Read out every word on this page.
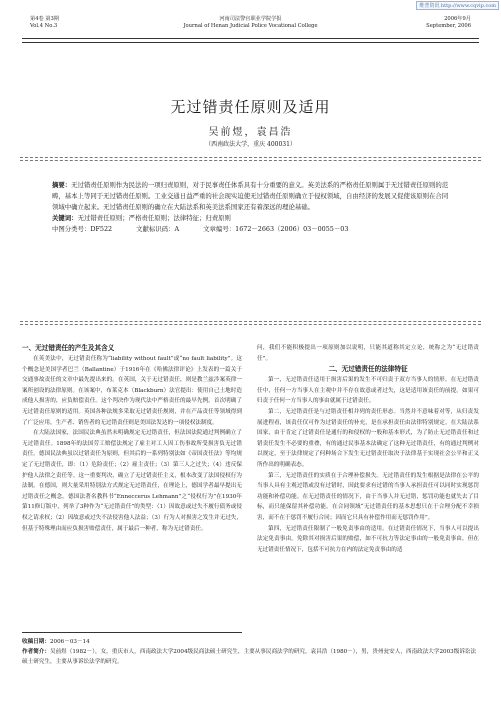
维普资讯 http://www.cqvip.com
第4卷 第3期
Vol.4 No.3
河南司法警官职业学院学报
Journal of Henan Judicial Police Vocational College
2006年9月
September, 2006
无过错责任原则及适用
吴前煜，袁昌浩
（西南政法大学，重庆 400031）
摘要：无过错责任原则作为民法的一项归责原则，对于民事责任体系具有十分重要的意义。英美法系的严格责任原则属于无过错责任原则的范畴，基本上等同于无过错责任原则。工业交通日益严重的社会现实迫使无过错责任原则确立于侵权领域，自由经济的发展又促使该原则在合同领域中确立起来。无过错责任原则的确立在大陆法系和英美法系国家还有着深远的理论基础。
关键词：无过错责任原则；严格责任原则；法律特征；归责原则
中图分类号：DF522	文献标识码：A	文章编号：1672－2663（2006）03－0055－03
一、无过错责任的产生及其含义

在英美法中，无过错责任称为“liability without fault”或“no fault liability”。这个概念是美国学者巴兰（Ballantine）于1916年在《哈佛法律评论》上发表的一篇关于交通事故责任的文章中最先提出来的。在英国，关于无过错责任，则是教兰兹涉案英律一案所创设的法律原则。在该案中，布莱克本（Blackburn）法官提出：使用自己土地时造成他人损害的，应负赔偿责任。这个判决作为现代法中严格责任的最早先例，首次明确了无过错责任原则的适用。英国各种法规多采取无过错责任规则，并在产品责任等领域得到了广泛应用，生产者、销售者的无过错责任则是美国法发达的一项侵权法制度。

在大陆法国家，法国民法典虽然未明确规定无过错责任，但法国法院通过判例确立了无过错责任。1898年的法国劳工赔偿法规定了雇主对工人因工伤事故所受损害负无过错责任。德国民法典虽以过错责任为原则，但其后的一系列特别法如《帝国责任法》等均规定了无过错责任，即：（1）危险责任；（2）雇主责任；（3）第三人之过失；（4）违反保护他人法律之责任等。这一重要判决，确立了无过错责任主义，根本改变了法国侵权行为法制。在德国，则大量采用特别法方式规定无过错责任，在理论上，德国学者最早提出无过错责任之概念。德国法著名教科书“Enneccerus Lehmann”之“侵权行为”在1930年第11修订版中，列举了3种作为“无过错责任”的类型：（1）因故意或过失不履行债务或侵权之请求权；（2）因故意或过失不法侵害他人法益；（3）行为人对损害之发生并无过失，但基于特殊理由而应负损害赔偿责任，属于最后一种者，称为无过错责任。

问，我们不能积极提出一项原则加以说明，只能其道称其定立论，统称之为“无过错责任”。

二、无过错责任的法律特征

第一，无过错责任适用于损害后果的发生不可归责于双方当事人的情形。在无过错责任中，任何一方当事人在主观中并不存在故意或者过失，这是适用该责任的前提。如果可归责于任何一方当事人的事由就属于过错责任。

第二，无过错责任是与过错责任相并列的责任形态。当然并不意味着对等，从归责发展进程看，该责任仅可作为过错责任的补充，是在承担责任由法律特别规定。在大陆法系国家，由于肯定了过错责任是通行的和侵权的一般和基本形式，为了防止无过错责任和过错责任发生不必要的重叠，有的通过民事基本法确定了这种无过错责任，有的通过判例对以规定，至于法律规定了何种场合下发生无过错责任取决于法律基于实现社会公平和正义所作出的明确表态。

第三，无过错责任的实质在于合理补偿损失。无过错责任的发生根据是法律在公平的当事人具有主观过错或没有过错时，因此要求有过错的当事人承担责任可以同时实现惩罚功能和补偿功能。在无过错责任的情况下，由于当事人并无过错，惩罚功能也就失去了目标，而只能保留其补偿功能。在合同领域“无过错责任的基本思想只在于合理分配不幸损害，而不在于惩罚不履行合同；因而它只具有补偿作用而无惩罚作用”。

第四，无过错责任限制了一般免责事由的适用。在过错责任情况下，当事人可以提出法定免责事由，免除其对损害后果的赔偿，如不可抗力等法定事由的一般免责事由，但在无过错责任情况下，包括不可抗力在内的法定免责事由的适

收稿日期：2006－03－14
作者简介：吴前煜（1982－），女，重庆市人，西南政法大学2004级民商法硕士研究生，主要从事民商法学的研究。袁昌浩（1980－），男，贵州瓮安人，西南政法大学2003级诉讼法硕士研究生，主要从事诉讼法学的研究。
